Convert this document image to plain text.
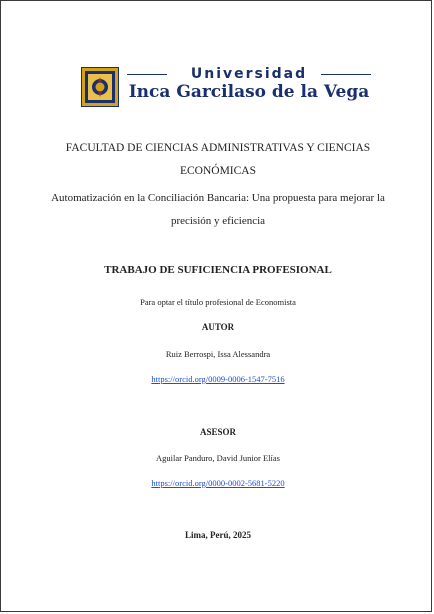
Universidad
Inca Garcilaso de la Vega
FACULTAD DE CIENCIAS ADMINISTRATIVAS Y CIENCIAS
ECONÓMICAS
Automatización en la Conciliación Bancaria: Una propuesta para mejorar la
precisión y eficiencia
TRABAJO DE SUFICIENCIA PROFESIONAL
Para optar el título profesional de Economista
AUTOR
Ruiz Berrospi, Issa Alessandra
https://orcid.org/0009-0006-1547-7516
ASESOR
Aguilar Panduro, David Junior Elías
https://orcid.org/0000-0002-5681-5220
Lima, Perú, 2025
